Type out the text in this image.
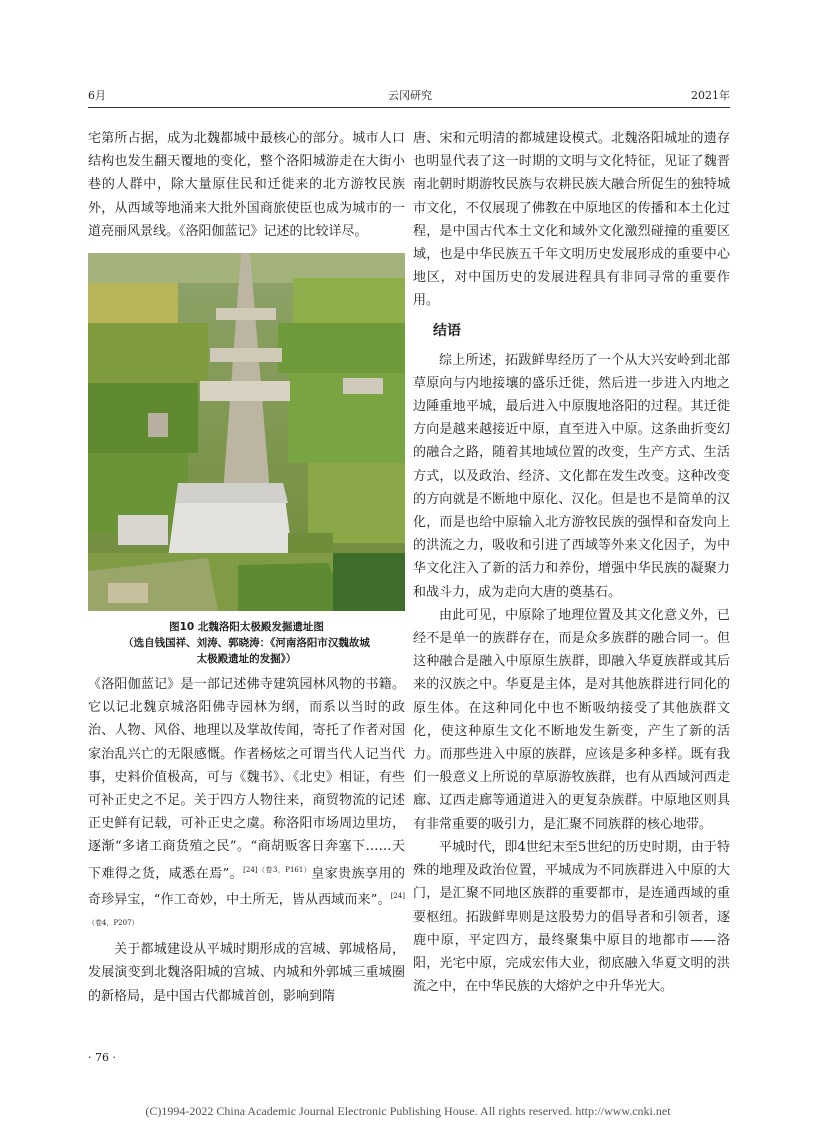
6月	云冈研究	2021年

宅第所占据，成为北魏都城中最核心的部分。城市人口结构也发生翻天覆地的变化，整个洛阳城游走在大街小巷的人群中，除大量原住民和迁徙来的北方游牧民族外，从西域等地涌来大批外国商旅使臣也成为城市的一道亮丽风景线。《洛阳伽蓝记》记述的比较详尽。

图10 北魏洛阳太极殿发掘遗址图
（选自钱国祥、刘涛、郭晓涛：《河南洛阳市汉魏故城
太极殿遗址的发掘》）

《洛阳伽蓝记》是一部记述佛寺建筑园林风物的书籍。它以记北魏京城洛阳佛寺园林为纲，而系以当时的政治、人物、风俗、地理以及掌故传闻，寄托了作者对国家治乱兴亡的无限感慨。作者杨炫之可谓当代人记当代事，史料价值极高，可与《魏书》、《北史》相证，有些可补正史之不足。关于四方人物往来，商贸物流的记述正史鲜有记载，可补正史之虞。称洛阳市场周边里坊，逐渐“多诸工商货殖之民”。“商胡贩客日奔塞下……天下难得之货，咸悉在焉”。$^{[24](卷3,P161)}$皇家贵族享用的奇珍异宝，“作工奇妙，中土所无，皆从西域而来”。$^{[24](卷4,P207)}$

关于都城建设从平城时期形成的宫城、郭城格局，发展演变到北魏洛阳城的宫城、内城和外郭城三重城圈的新格局，是中国古代都城首创，影响到隋

唐、宋和元明清的都城建设模式。北魏洛阳城址的遗存也明显代表了这一时期的文明与文化特征，见证了魏晋南北朝时期游牧民族与农耕民族大融合所促生的独特城市文化，不仅展现了佛教在中原地区的传播和本土化过程，是中国古代本土文化和域外文化激烈碰撞的重要区域，也是中华民族五千年文明历史发展形成的重要中心地区，对中国历史的发展进程具有非同寻常的重要作用。

结语

综上所述，拓跋鲜卑经历了一个从大兴安岭到北部草原向与内地接壤的盛乐迁徙，然后进一步进入内地之边陲重地平城，最后进入中原腹地洛阳的过程。其迁徙方向是越来越接近中原，直至进入中原。这条曲折变幻的融合之路，随着其地域位置的改变，生产方式、生活方式，以及政治、经济、文化都在发生改变。这种改变的方向就是不断地中原化、汉化。但是也不是简单的汉化，而是也给中原输入北方游牧民族的强悍和奋发向上的洪流之力，吸收和引进了西域等外来文化因子，为中华文化注入了新的活力和养份，增强中华民族的凝聚力和战斗力，成为走向大唐的奠基石。

由此可见，中原除了地理位置及其文化意义外，已经不是单一的族群存在，而是众多族群的融合同一。但这种融合是融入中原原生族群，即融入华夏族群或其后来的汉族之中。华夏是主体，是对其他族群进行同化的原生体。在这种同化中也不断吸纳接受了其他族群文化，使这种原生文化不断地发生新变，产生了新的活力。而那些进入中原的族群，应该是多种多样。既有我们一般意义上所说的草原游牧族群，也有从西域河西走廊、辽西走廊等通道进入的更复杂族群。中原地区则具有非常重要的吸引力，是汇聚不同族群的核心地带。

平城时代，即4世纪末至5世纪的历史时期，由于特殊的地理及政治位置，平城成为不同族群进入中原的大门，是汇聚不同地区族群的重要都市，是连通西域的重要枢纽。拓跋鲜卑则是这股势力的倡导者和引领者，逐鹿中原，平定四方，最终聚集中原目的地都市——洛阳，光宅中原，完成宏伟大业，彻底融入华夏文明的洪流之中，在中华民族的大熔炉之中升华光大。

· 76 ·
(C)1994-2022 China Academic Journal Electronic Publishing House. All rights reserved. http://www.cnki.net
